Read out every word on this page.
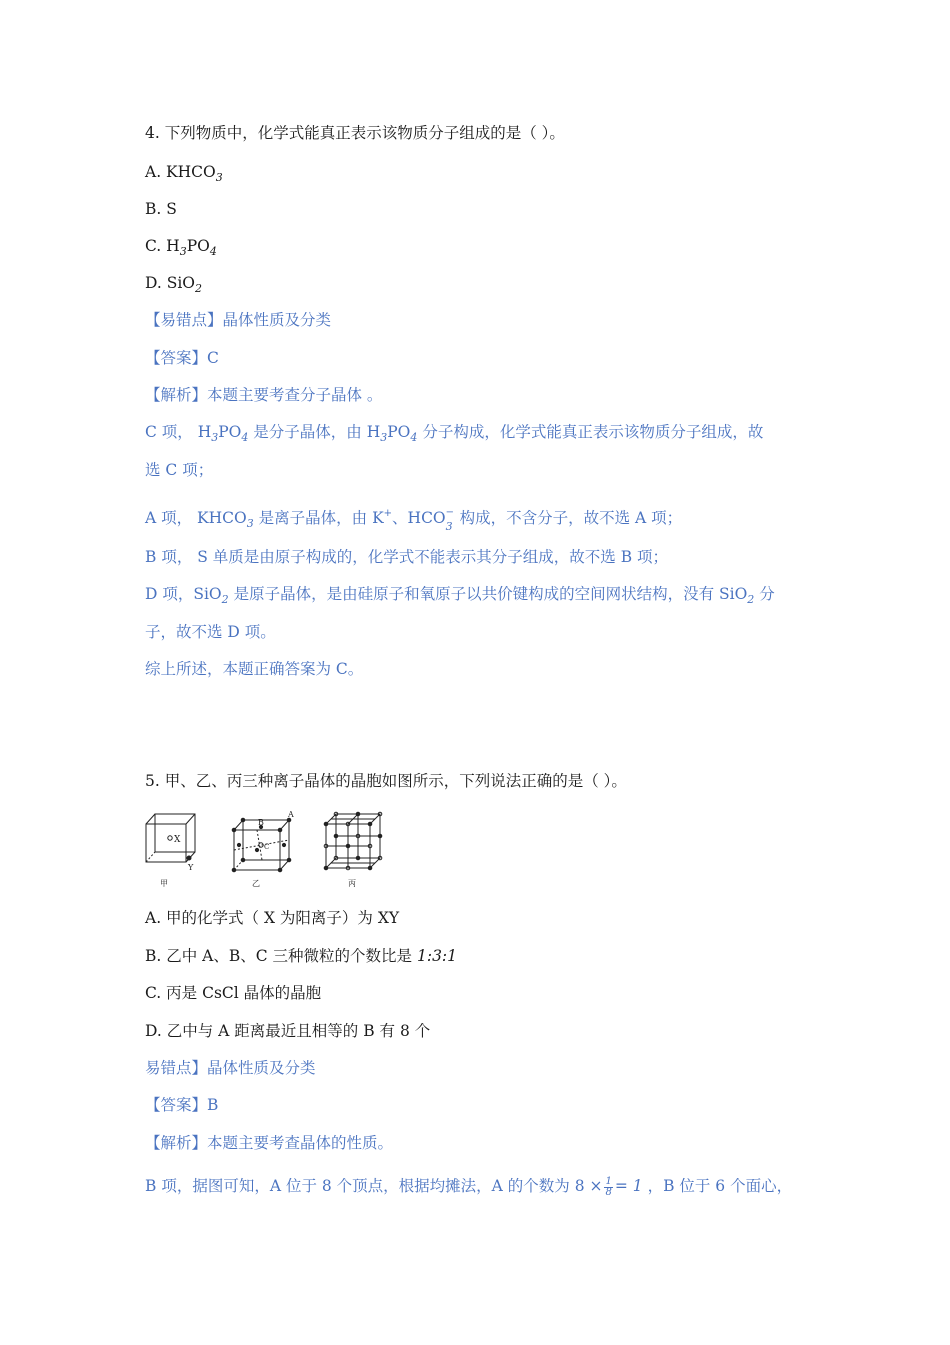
4. 下列物质中，化学式能真正表示该物质分子组成的是（ ）。
A. $KHCO_3$
B. S
C. $H_3PO_4$
D. SiO$_2$
【易错点】晶体性质及分类
【答案】C
【解析】本题主要考查分子晶体 。
C 项， $H_3PO_4$ 是分子晶体，由 $H_3PO_4$ 分子构成，化学式能真正表示该物质分子组成，故
选 C 项；
A 项， $KHCO_3$ 是离子晶体，由 K+、HCO −
3 构成，不含分子，故不选 A 项；
B 项， S 单质是由原子构成的，化学式不能表示其分子组成，故不选 B 项；
D 项，SiO$_2$ 是原子晶体，是由硅原子和氧原子以共价键构成的空间网状结构，没有 SiO$_2$ 分
子，故不选 D 项。
综上所述，本题正确答案为 C。
5. 甲、乙、丙三种离子晶体的晶胞如图所示，下列说法正确的是（ ）。
X
Y
甲
A
B
C
乙	丙
A. 甲的化学式（ X 为阳离子）为 XY
B. 乙中 A、B、C 三种微粒的个数比是 1:3:1
C. 丙是 CsCl 晶体的晶胞
D. 乙中与 A 距离最近且相等的 B 有 8 个
易错点】晶体性质及分类
【答案】B
【解析】本题主要考查晶体的性质。
B 项，据图可知，A 位于 8 个顶点，根据均摊法，A 的个数为 $8 \times \frac{1}{8} = 1$ ，B 位于 6 个面心，
